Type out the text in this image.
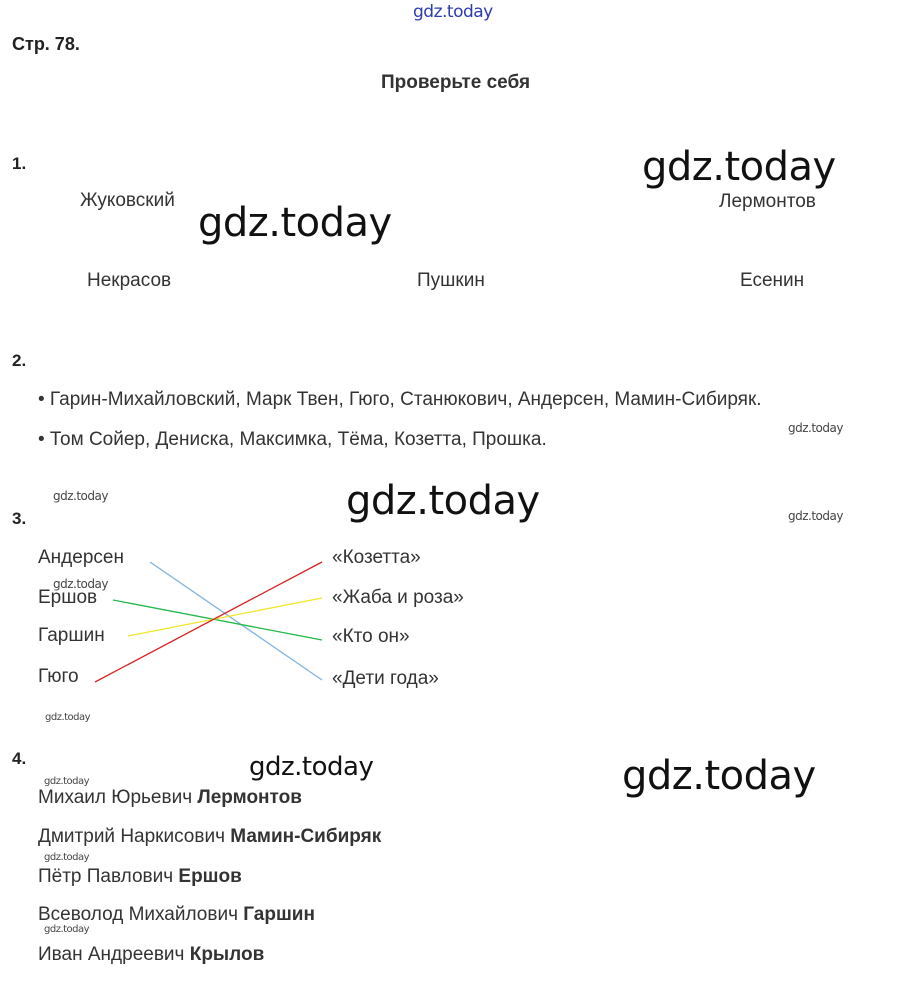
gdz.today
Стр. 78.
Проверьте себя
1.	gdz.today
Жуковский gdz.today	Лермонтов
Некрасов	Пушкин	Есенин
2.
• Гарин-Михайловский, Марк Твен, Гюго, Станюкович, Андерсен, Мамин-Сибиряк.
• Том Сойер, Дениска, Максимка, Тёма, Козетта, Прошка.
gdz.today
gdz.today	gdz.today	gdz.today
3.
Андерсен
gdz.today
Ершов
Гаршин
Гюго
«Козетта»
«Жаба и роза»
«Кто он»
«Дети года»
gdz.today
4.	gdz.today	gdz.today
gdz.today
Михаил Юрьевич Лермонтов
Дмитрий Наркисович Мамин-Сибиряк
gdz.today
Пётр Павлович Ершов
Всеволод Михайлович Гаршин
gdz.today
Иван Андреевич Крылов
